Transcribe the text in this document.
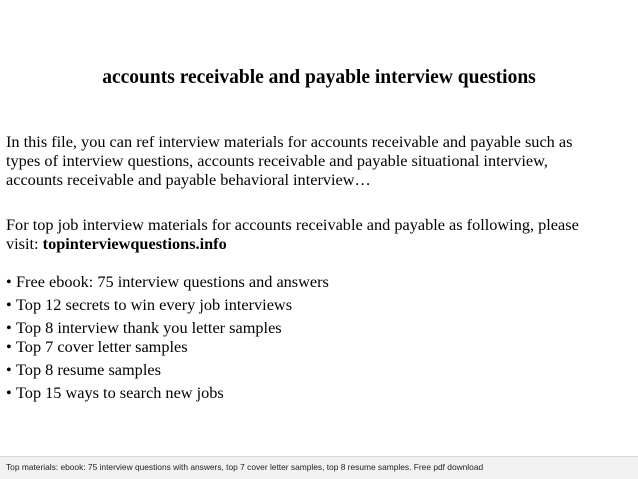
accounts receivable and payable interview questions
In this file, you can ref interview materials for accounts receivable and payable such as
types of interview questions, accounts receivable and payable situational interview,
accounts receivable and payable behavioral interview…
For top job interview materials for accounts receivable and payable as following, please
visit: topinterviewquestions.info
• Free ebook: 75 interview questions and answers
• Top 12 secrets to win every job interviews
• Top 8 interview thank you letter samples
• Top 7 cover letter samples
• Top 8 resume samples
• Top 15 ways to search new jobs
Top materials: ebook: 75 interview questions with answers, top 7 cover letter samples, top 8 resume samples. Free pdf download
